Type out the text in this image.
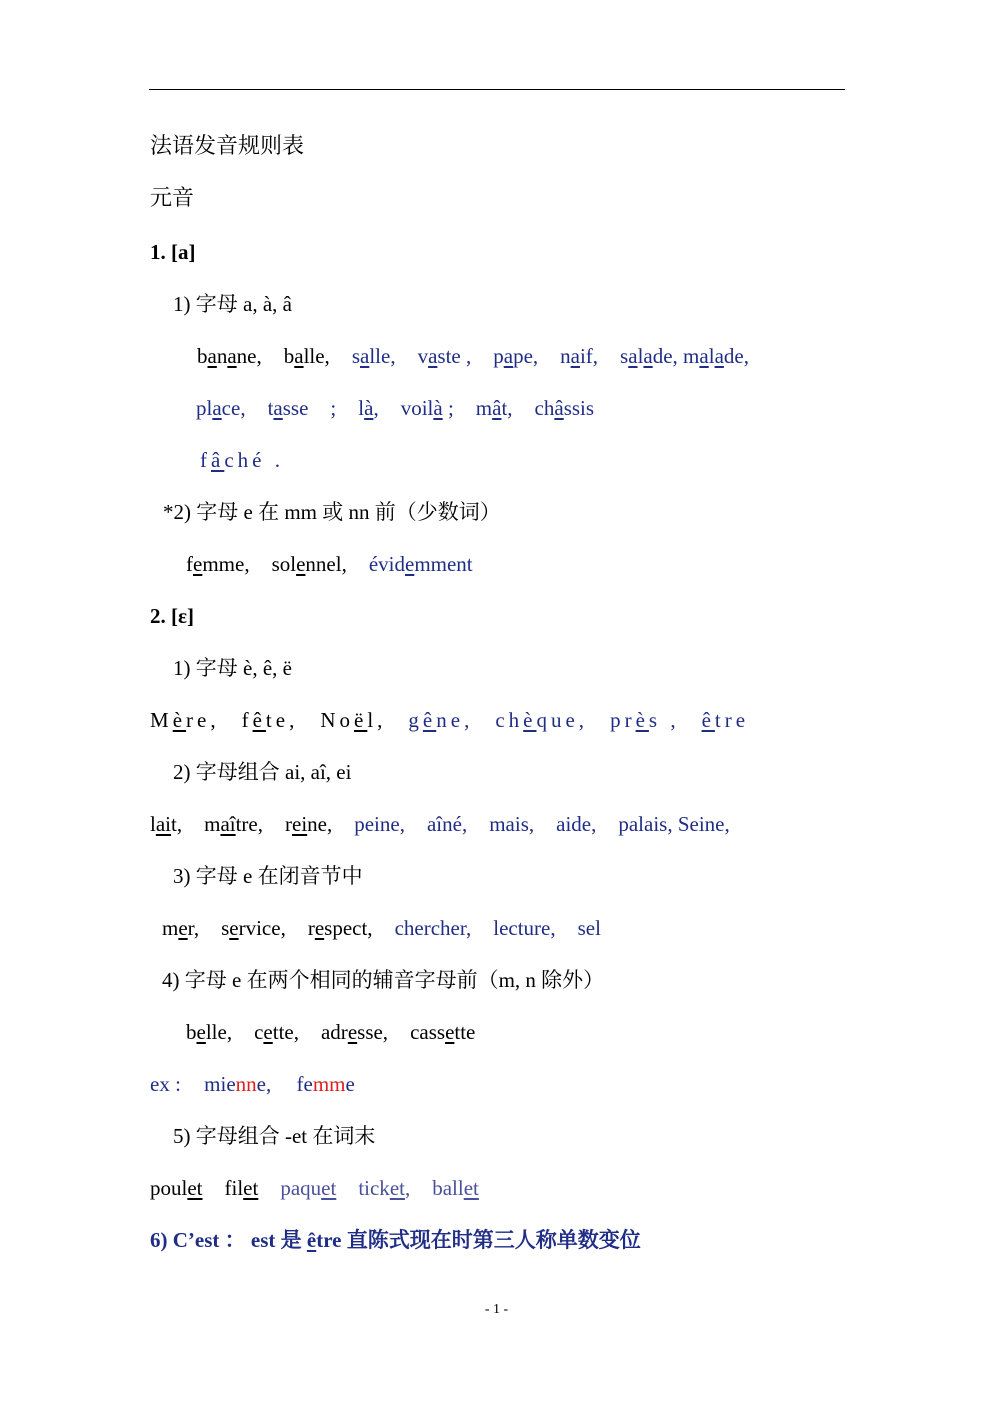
法语发音规则表
元音
1. [a]
1) 字母 a, à, â
banane, balle, salle, vaste , pape, naif, salade, malade,
place, tasse ; là, voilà ; mât, châssis
fâché .
*2) 字母 e 在 mm 或 nn 前（少数词）
femme, solennel, évidemment
2. [ε]
1) 字母 è, ê, ë
Mère, fête, Noël, gêne, chèque, près , être
2) 字母组合 ai, aî, ei
lait, maître, reine, peine, aîné, mais, aide, palais, Seine,
3) 字母 e 在闭音节中
mer, service, respect, chercher, lecture, sel
4) 字母 e 在两个相同的辅音字母前（m, n 除外）
belle, cette, adresse, cassette
ex : mienne, femme
5) 字母组合 -et 在词末
poulet filet paquet ticket, ballet
6) C’est ： est 是 être 直陈式现在时第三人称单数变位
- 1 -
